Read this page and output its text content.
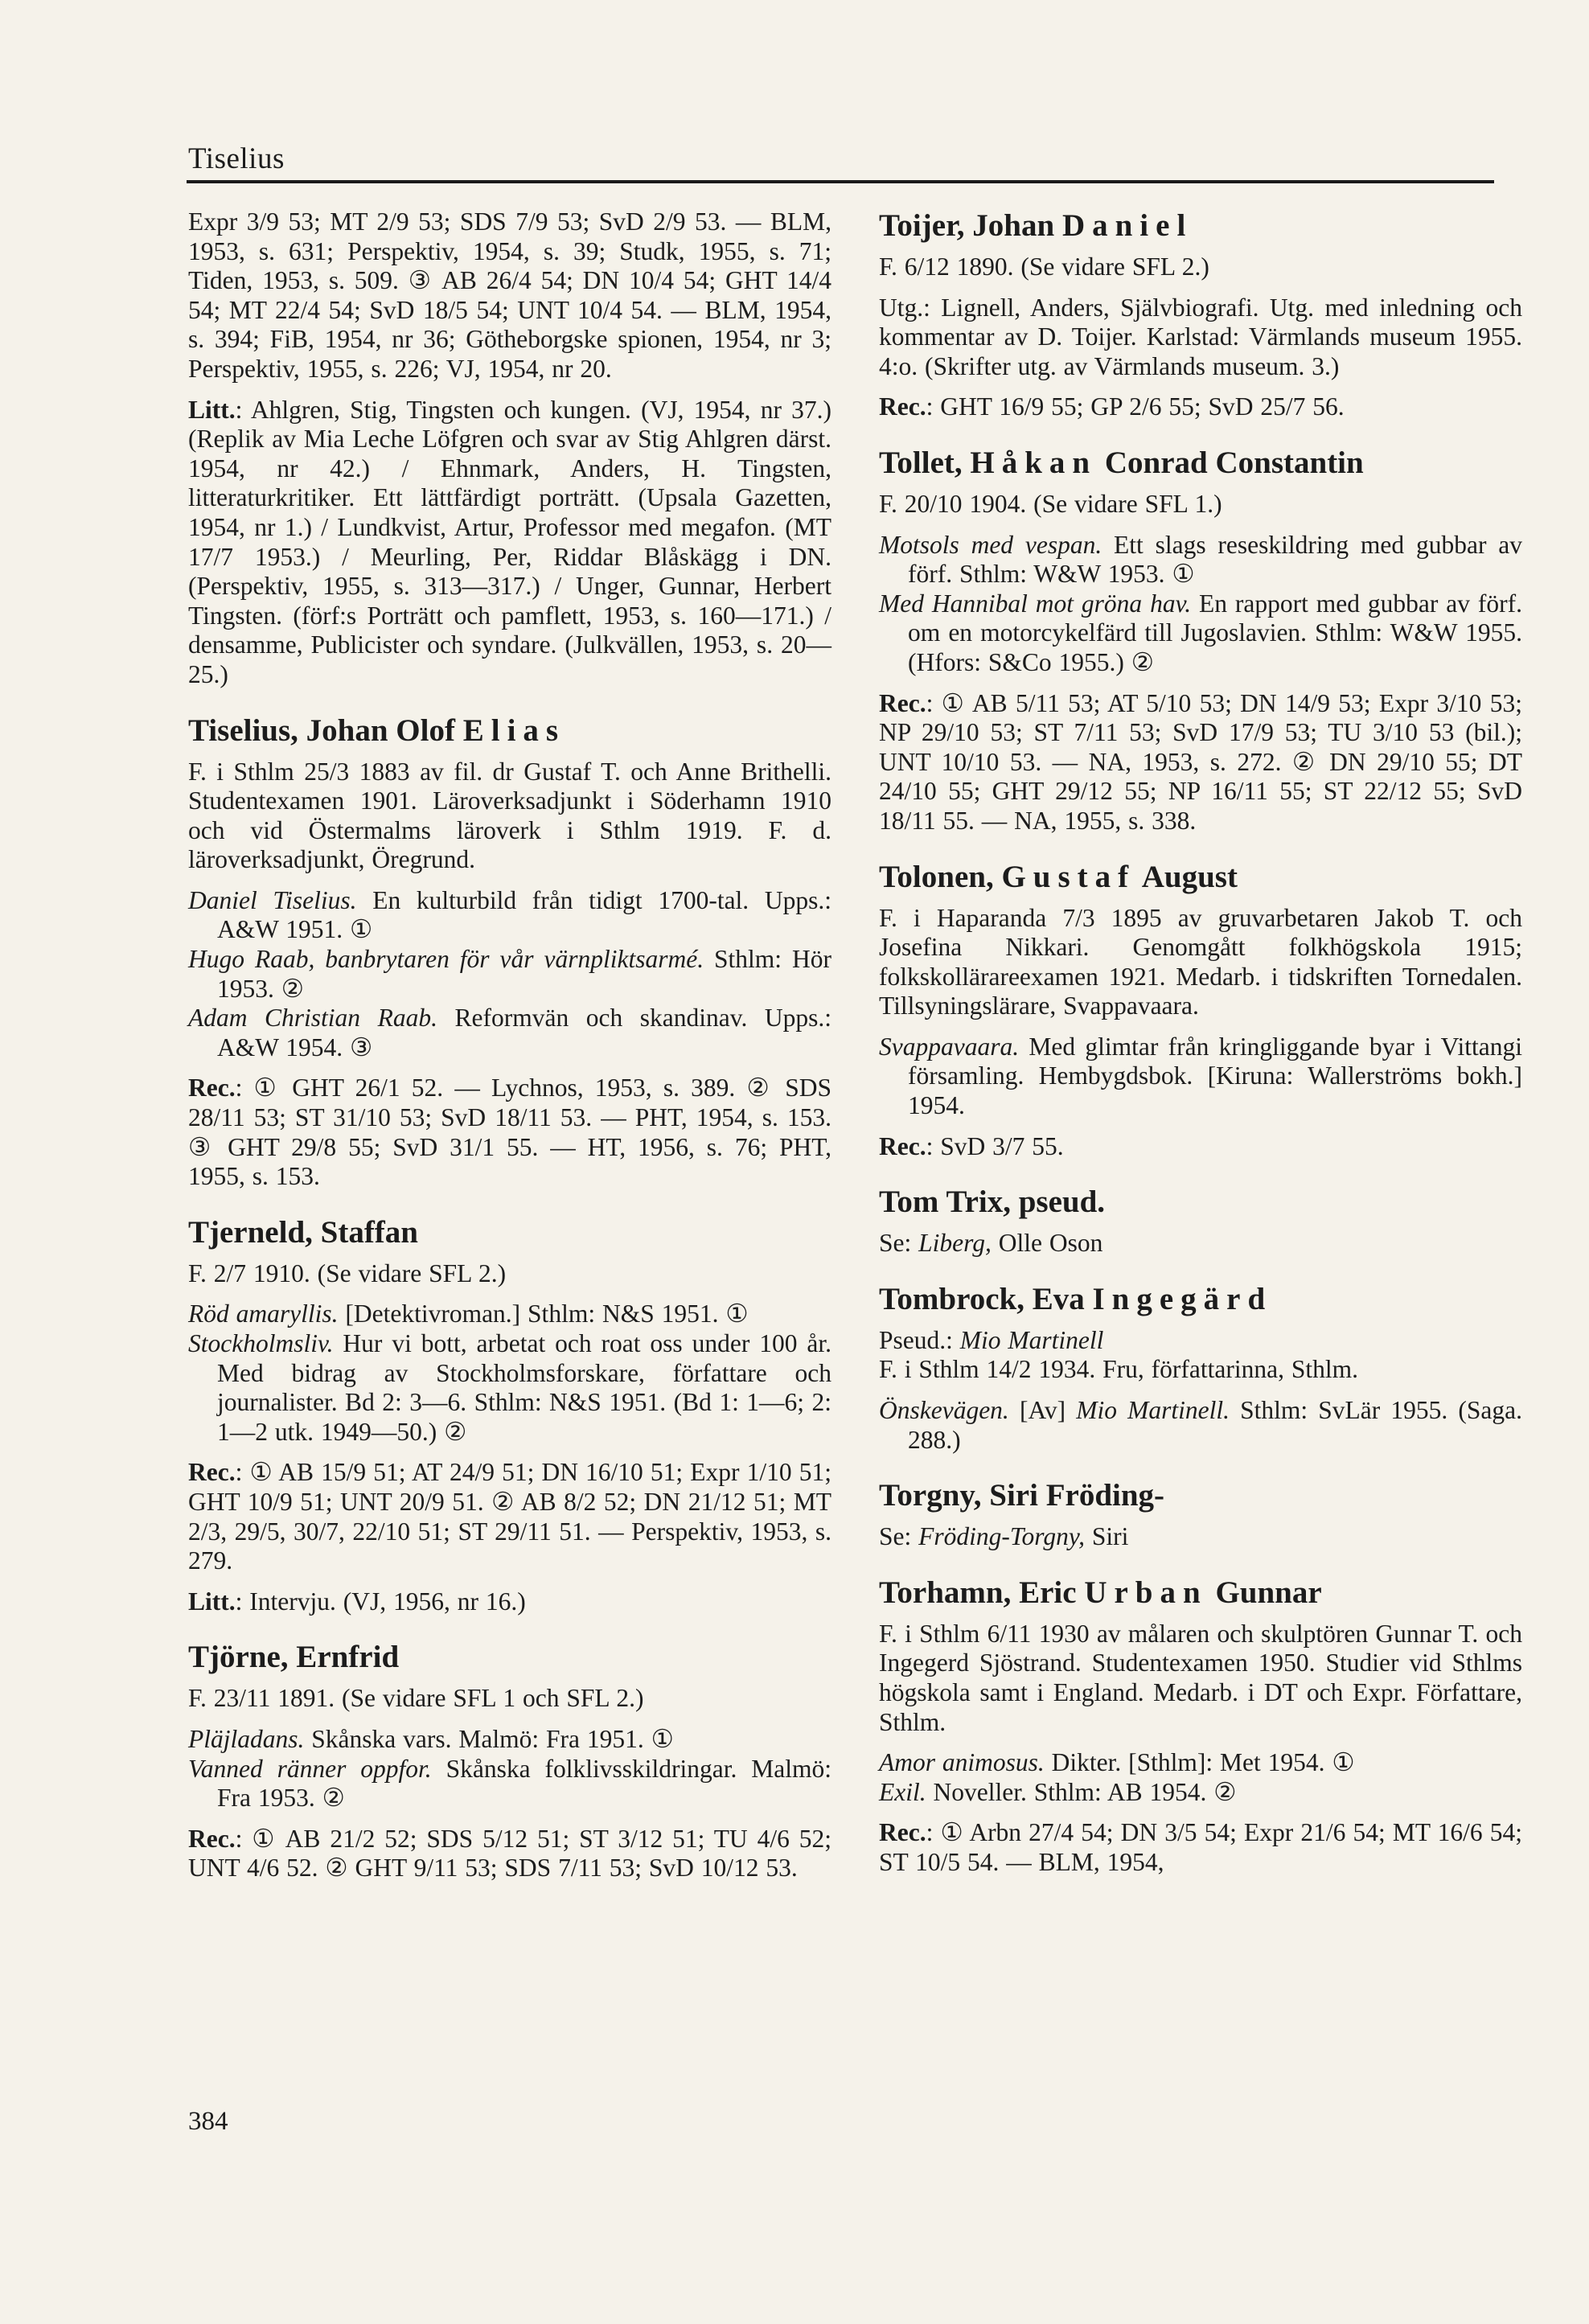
Tiselius

Expr 3/9 53; MT 2/9 53; SDS 7/9 53; SvD 2/9 53. — BLM, 1953, s. 631; Perspektiv, 1954, s. 39; Studk, 1955, s. 71; Tiden, 1953, s. 509. ③ AB 26/4 54; DN 10/4 54; GHT 14/4 54; MT 22/4 54; SvD 18/5 54; UNT 10/4 54. — BLM, 1954, s. 394; FiB, 1954, nr 36; Götheborgske spionen, 1954, nr 3; Perspektiv, 1955, s. 226; VJ, 1954, nr 20.

Litt.: Ahlgren, Stig, Tingsten och kungen. (VJ, 1954, nr 37.) (Replik av Mia Leche Löfgren och svar av Stig Ahlgren därst. 1954, nr 42.) / Ehnmark, Anders, H. Tingsten, litteraturkritiker. Ett lättfärdigt porträtt. (Upsala Gazetten, 1954, nr 1.) / Lundkvist, Artur, Professor med megafon. (MT 17/7 1953.) / Meurling, Per, Riddar Blåskägg i DN. (Perspektiv, 1955, s. 313—317.) / Unger, Gunnar, Herbert Tingsten. (förf:s Porträtt och pamflett, 1953, s. 160—171.) / densamme, Publicister och syndare. (Julkvällen, 1953, s. 20—25.)

Tiselius, Johan Olof Elias

F. i Sthlm 25/3 1883 av fil. dr Gustaf T. och Anne Brithelli. Studentexamen 1901. Läroverksadjunkt i Söderhamn 1910 och vid Östermalms läroverk i Sthlm 1919. F. d. läroverksadjunkt, Öregrund.

Daniel Tiselius. En kulturbild från tidigt 1700-tal. Upps.: A&W 1951. ①

Hugo Raab, banbrytaren för vår värnpliktsarmé. Sthlm: Hör 1953. ②

Adam Christian Raab. Reformvän och skandinav. Upps.: A&W 1954. ③

Rec.: ① GHT 26/1 52. — Lychnos, 1953, s. 389. ② SDS 28/11 53; ST 31/10 53; SvD 18/11 53. — PHT, 1954, s. 153. ③ GHT 29/8 55; SvD 31/1 55. — HT, 1956, s. 76; PHT, 1955, s. 153.

Tjerneld, Staffan

F. 2/7 1910. (Se vidare SFL 2.)

Röd amaryllis. [Detektivroman.] Sthlm: N&S 1951. ①

Stockholmsliv. Hur vi bott, arbetat och roat oss under 100 år. Med bidrag av Stockholmsforskare, författare och journalister. Bd 2: 3—6. Sthlm: N&S 1951. (Bd 1: 1—6; 2: 1—2 utk. 1949—50.) ②

Rec.: ① AB 15/9 51; AT 24/9 51; DN 16/10 51; Expr 1/10 51; GHT 10/9 51; UNT 20/9 51. ② AB 8/2 52; DN 21/12 51; MT 2/3, 29/5, 30/7, 22/10 51; ST 29/11 51. — Perspektiv, 1953, s. 279.

Litt.: Intervju. (VJ, 1956, nr 16.)

Tjörne, Ernfrid

F. 23/11 1891. (Se vidare SFL 1 och SFL 2.)

Pläjladans. Skånska vars. Malmö: Fra 1951. ①

Vanned ränner oppfor. Skånska folklivsskildringar. Malmö: Fra 1953. ②

Rec.: ① AB 21/2 52; SDS 5/12 51; ST 3/12 51; TU 4/6 52; UNT 4/6 52. ② GHT 9/11 53; SDS 7/11 53; SvD 10/12 53.

Toijer, Johan Daniel

F. 6/12 1890. (Se vidare SFL 2.)

Utg.: Lignell, Anders, Självbiografi. Utg. med inledning och kommentar av D. Toijer. Karlstad: Värmlands museum 1955. 4:o. (Skrifter utg. av Värmlands museum. 3.)

Rec.: GHT 16/9 55; GP 2/6 55; SvD 25/7 56.

Tollet, Håkan Conrad Constantin

F. 20/10 1904. (Se vidare SFL 1.)

Motsols med vespan. Ett slags reseskildring med gubbar av förf. Sthlm: W&W 1953. ①

Med Hannibal mot gröna hav. En rapport med gubbar av förf. om en motorcykelfärd till Jugoslavien. Sthlm: W&W 1955. (Hfors: S&Co 1955.) ②

Rec.: ① AB 5/11 53; AT 5/10 53; DN 14/9 53; Expr 3/10 53; NP 29/10 53; ST 7/11 53; SvD 17/9 53; TU 3/10 53 (bil.); UNT 10/10 53. — NA, 1953, s. 272. ② DN 29/10 55; DT 24/10 55; GHT 29/12 55; NP 16/11 55; ST 22/12 55; SvD 18/11 55. — NA, 1955, s. 338.

Tolonen, Gustaf August

F. i Haparanda 7/3 1895 av gruvarbetaren Jakob T. och Josefina Nikkari. Genomgått folkhögskola 1915; folkskollärareexamen 1921. Medarb. i tidskriften Tornedalen. Tillsyningslärare, Svappavaara.

Svappavaara. Med glimtar från kringliggande byar i Vittangi församling. Hembygdsbok. [Kiruna: Wallerströms bokh.] 1954.

Rec.: SvD 3/7 55.

Tom Trix, pseud.

Se: Liberg, Olle Oson

Tombrock, Eva Ingegärd

Pseud.: Mio Martinell

F. i Sthlm 14/2 1934. Fru, författarinna, Sthlm.

Önskevägen. [Av] Mio Martinell. Sthlm: SvLär 1955. (Saga. 288.)

Torgny, Siri Fröding-

Se: Fröding-Torgny, Siri

Torhamn, Eric Urban Gunnar

F. i Sthlm 6/11 1930 av målaren och skulptören Gunnar T. och Ingegerd Sjöstrand. Studentexamen 1950. Studier vid Sthlms högskola samt i England. Medarb. i DT och Expr. Författare, Sthlm.

Amor animosus. Dikter. [Sthlm]: Met 1954. ①

Exil. Noveller. Sthlm: AB 1954. ②

Rec.: ① Arbn 27/4 54; DN 3/5 54; Expr 21/6 54; MT 16/6 54; ST 10/5 54. — BLM, 1954,

384
